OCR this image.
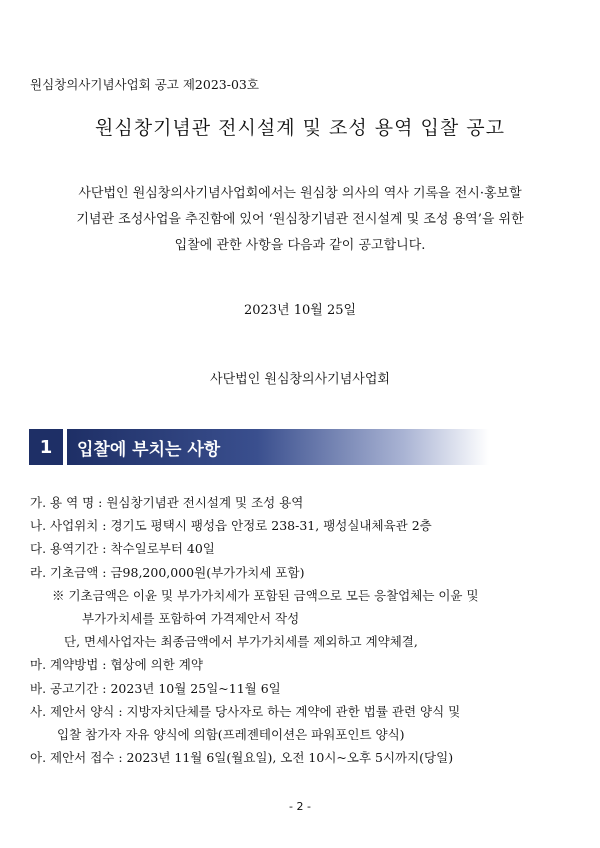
원심창의사기념사업회 공고 제2023-03호
원심창기념관 전시설계 및 조성 용역 입찰 공고
사단법인 원심창의사기념사업회에서는 원심창 의사의 역사 기록을 전시·홍보할
기념관 조성사업을 추진함에 있어 ‘원심창기념관 전시설계 및 조성 용역’을 위한
입찰에 관한 사항을 다음과 같이 공고합니다.
2023년 10월 25일
사단법인 원심창의사기념사업회
1	입찰에 부치는 사항
가. 용 역 명 : 원심창기념관 전시설계 및 조성 용역
나. 사업위치 : 경기도 평택시 팽성읍 안정로 238-31, 팽성실내체육관 2층
다. 용역기간 : 착수일로부터 40일
라. 기초금액 : 금98,200,000원(부가가치세 포함)
※ 기초금액은 이윤 및 부가가치세가 포함된 금액으로 모든 응찰업체는 이윤 및
부가가치세를 포함하여 가격제안서 작성
단, 면세사업자는 최종금액에서 부가가치세를 제외하고 계약체결,
마. 계약방법 : 협상에 의한 계약
바. 공고기간 : 2023년 10월 25일~11월 6일
사. 제안서 양식 : 지방자치단체를 당사자로 하는 계약에 관한 법률 관련 양식 및
입찰 참가자 자유 양식에 의함(프레젠테이션은 파워포인트 양식)
아. 제안서 접수 : 2023년 11월 6일(월요일), 오전 10시~오후 5시까지(당일)
- 2 -
